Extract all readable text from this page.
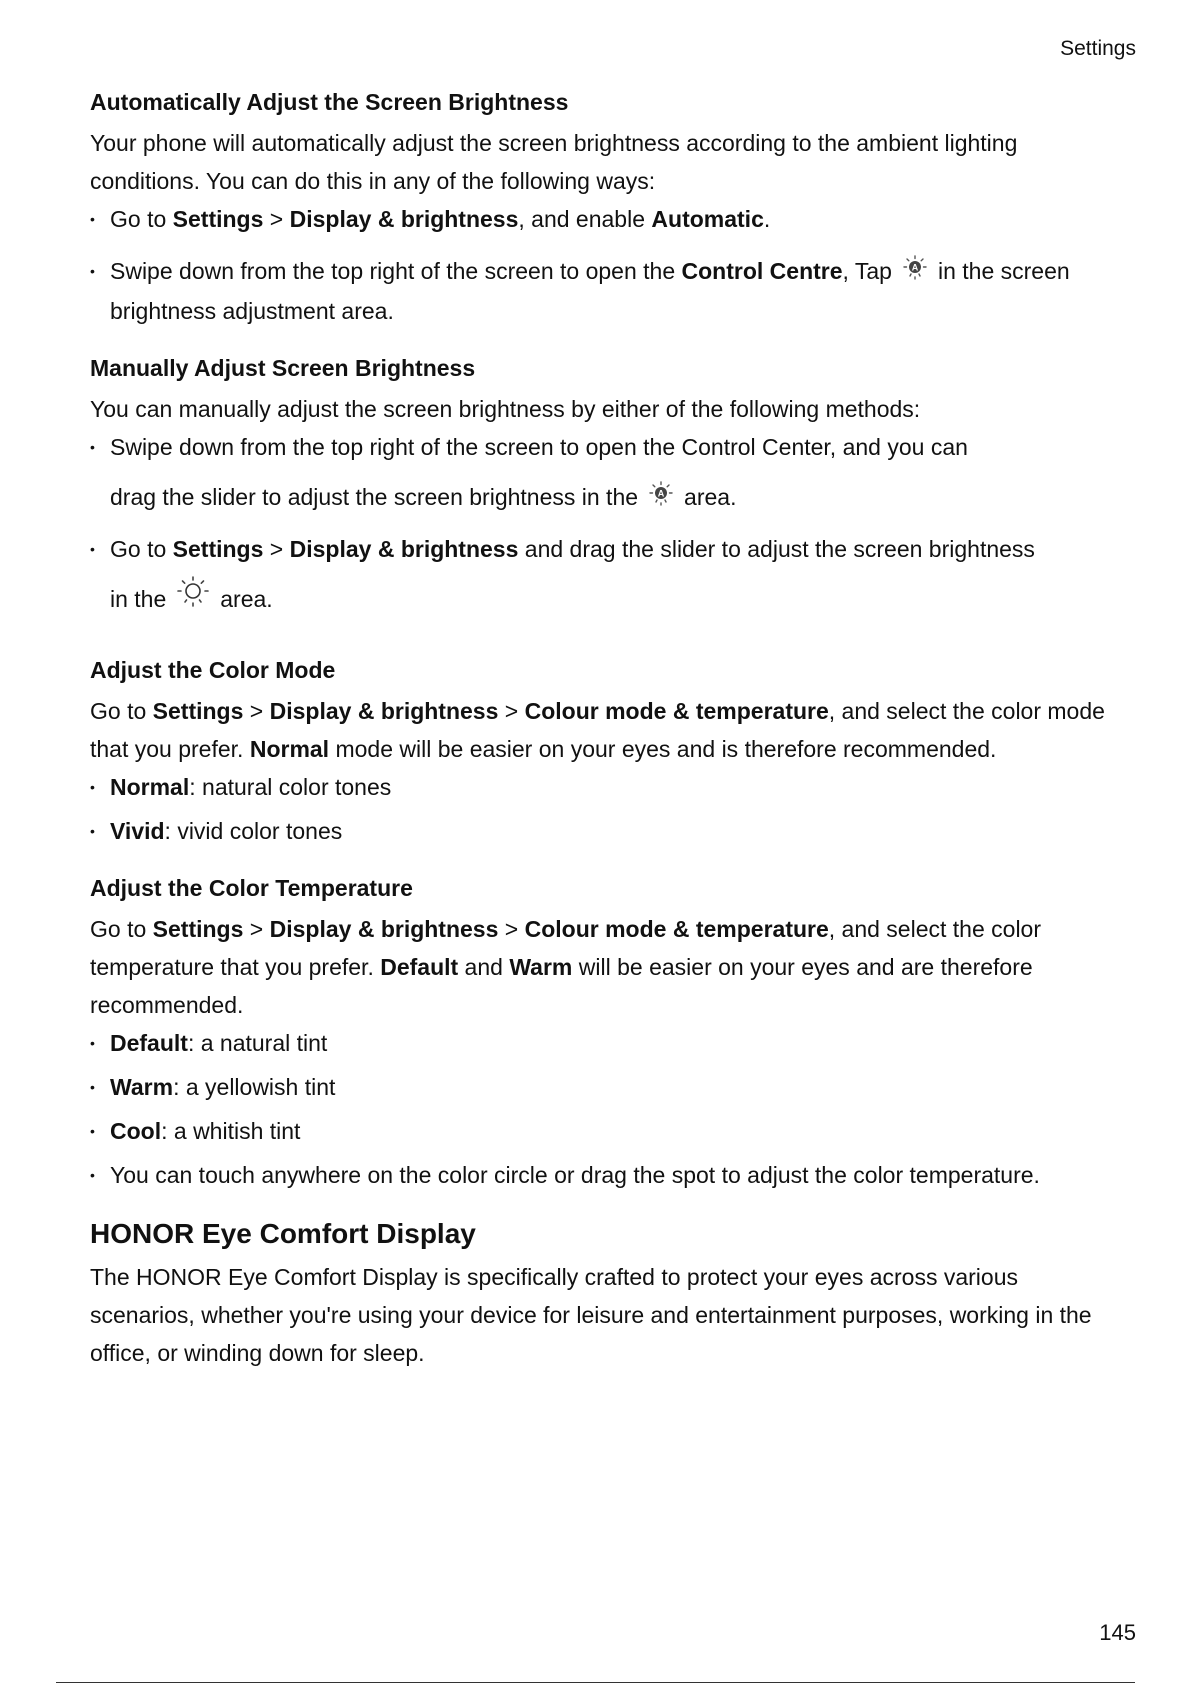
Settings
Automatically Adjust the Screen Brightness

Your phone will automatically adjust the screen brightness according to the ambient lighting conditions. You can do this in any of the following ways:

• Go to Settings > Display & brightness, and enable Automatic.
• Swipe down from the top right of the screen to open the Control Centre, Tap A in the screen brightness adjustment area.
Manually Adjust Screen Brightness

You can manually adjust the screen brightness by either of the following methods:

• Swipe down from the top right of the screen to open the Control Center, and you can
drag the slider to adjust the screen brightness in the A area.
• Go to Settings > Display & brightness and drag the slider to adjust the screen brightness
in the area.
Adjust the Color Mode

Go to Settings > Display & brightness > Colour mode & temperature, and select the color mode that you prefer. Normal mode will be easier on your eyes and is therefore recommended.

• Normal: natural color tones
• Vivid: vivid color tones
Adjust the Color Temperature

Go to Settings > Display & brightness > Colour mode & temperature, and select the color temperature that you prefer. Default and Warm will be easier on your eyes and are therefore recommended.

• Default: a natural tint
• Warm: a yellowish tint
• Cool: a whitish tint
• You can touch anywhere on the color circle or drag the spot to adjust the color temperature.
HONOR Eye Comfort Display

The HONOR Eye Comfort Display is specifically crafted to protect your eyes across various scenarios, whether you're using your device for leisure and entertainment purposes, working in the office, or winding down for sleep.

145
